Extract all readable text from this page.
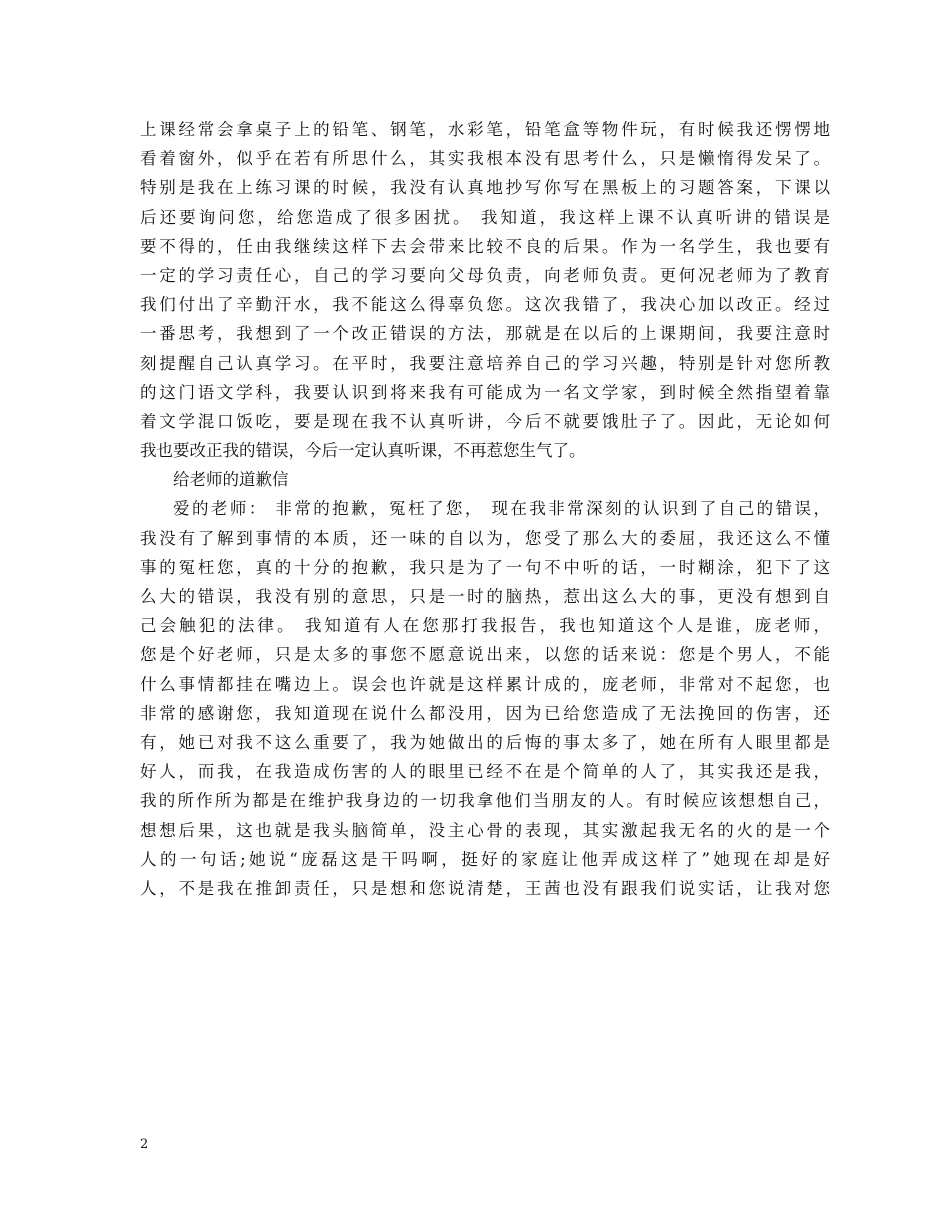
上课经常会拿桌子上的铅笔、钢笔，水彩笔，铅笔盒等物件玩，有时候我还愣愣地
看着窗外，似乎在若有所思什么，其实我根本没有思考什么，只是懒惰得发呆了。
特别是我在上练习课的时候，我没有认真地抄写你写在黑板上的习题答案，下课以
后还要询问您，给您造成了很多困扰。 我知道，我这样上课不认真听讲的错误是
要不得的，任由我继续这样下去会带来比较不良的后果。作为一名学生，我也要有
一定的学习责任心，自己的学习要向父母负责，向老师负责。更何况老师为了教育
我们付出了辛勤汗水，我不能这么得辜负您。这次我错了，我决心加以改正。经过
一番思考，我想到了一个改正错误的方法，那就是在以后的上课期间，我要注意时
刻提醒自己认真学习。在平时，我要注意培养自己的学习兴趣，特别是针对您所教
的这门语文学科，我要认识到将来我有可能成为一名文学家，到时候全然指望着靠
着文学混口饭吃，要是现在我不认真听讲，今后不就要饿肚子了。因此，无论如何
我也要改正我的错误，今后一定认真听课，不再惹您生气了。
给老师的道歉信
爱的老师： 非常的抱歉，冤枉了您， 现在我非常深刻的认识到了自己的错误，
我没有了解到事情的本质，还一味的自以为，您受了那么大的委屈，我还这么不懂
事的冤枉您，真的十分的抱歉，我只是为了一句不中听的话，一时糊涂，犯下了这
么大的错误，我没有别的意思，只是一时的脑热，惹出这么大的事，更没有想到自
己会触犯的法律。 我知道有人在您那打我报告，我也知道这个人是谁，庞老师，
您是个好老师，只是太多的事您不愿意说出来，以您的话来说：您是个男人，不能
什么事情都挂在嘴边上。误会也许就是这样累计成的，庞老师，非常对不起您，也
非常的感谢您，我知道现在说什么都没用，因为已给您造成了无法挽回的伤害，还
有，她已对我不这么重要了，我为她做出的后悔的事太多了，她在所有人眼里都是
好人，而我，在我造成伤害的人的眼里已经不在是个简单的人了，其实我还是我，
我的所作所为都是在维护我身边的一切我拿他们当朋友的人。有时候应该想想自己，
想想后果，这也就是我头脑简单，没主心骨的表现，其实激起我无名的火的是一个
人的一句话;她说“庞磊这是干吗啊，挺好的家庭让他弄成这样了”她现在却是好
人，不是我在推卸责任，只是想和您说清楚，王茜也没有跟我们说实话，让我对您
2
